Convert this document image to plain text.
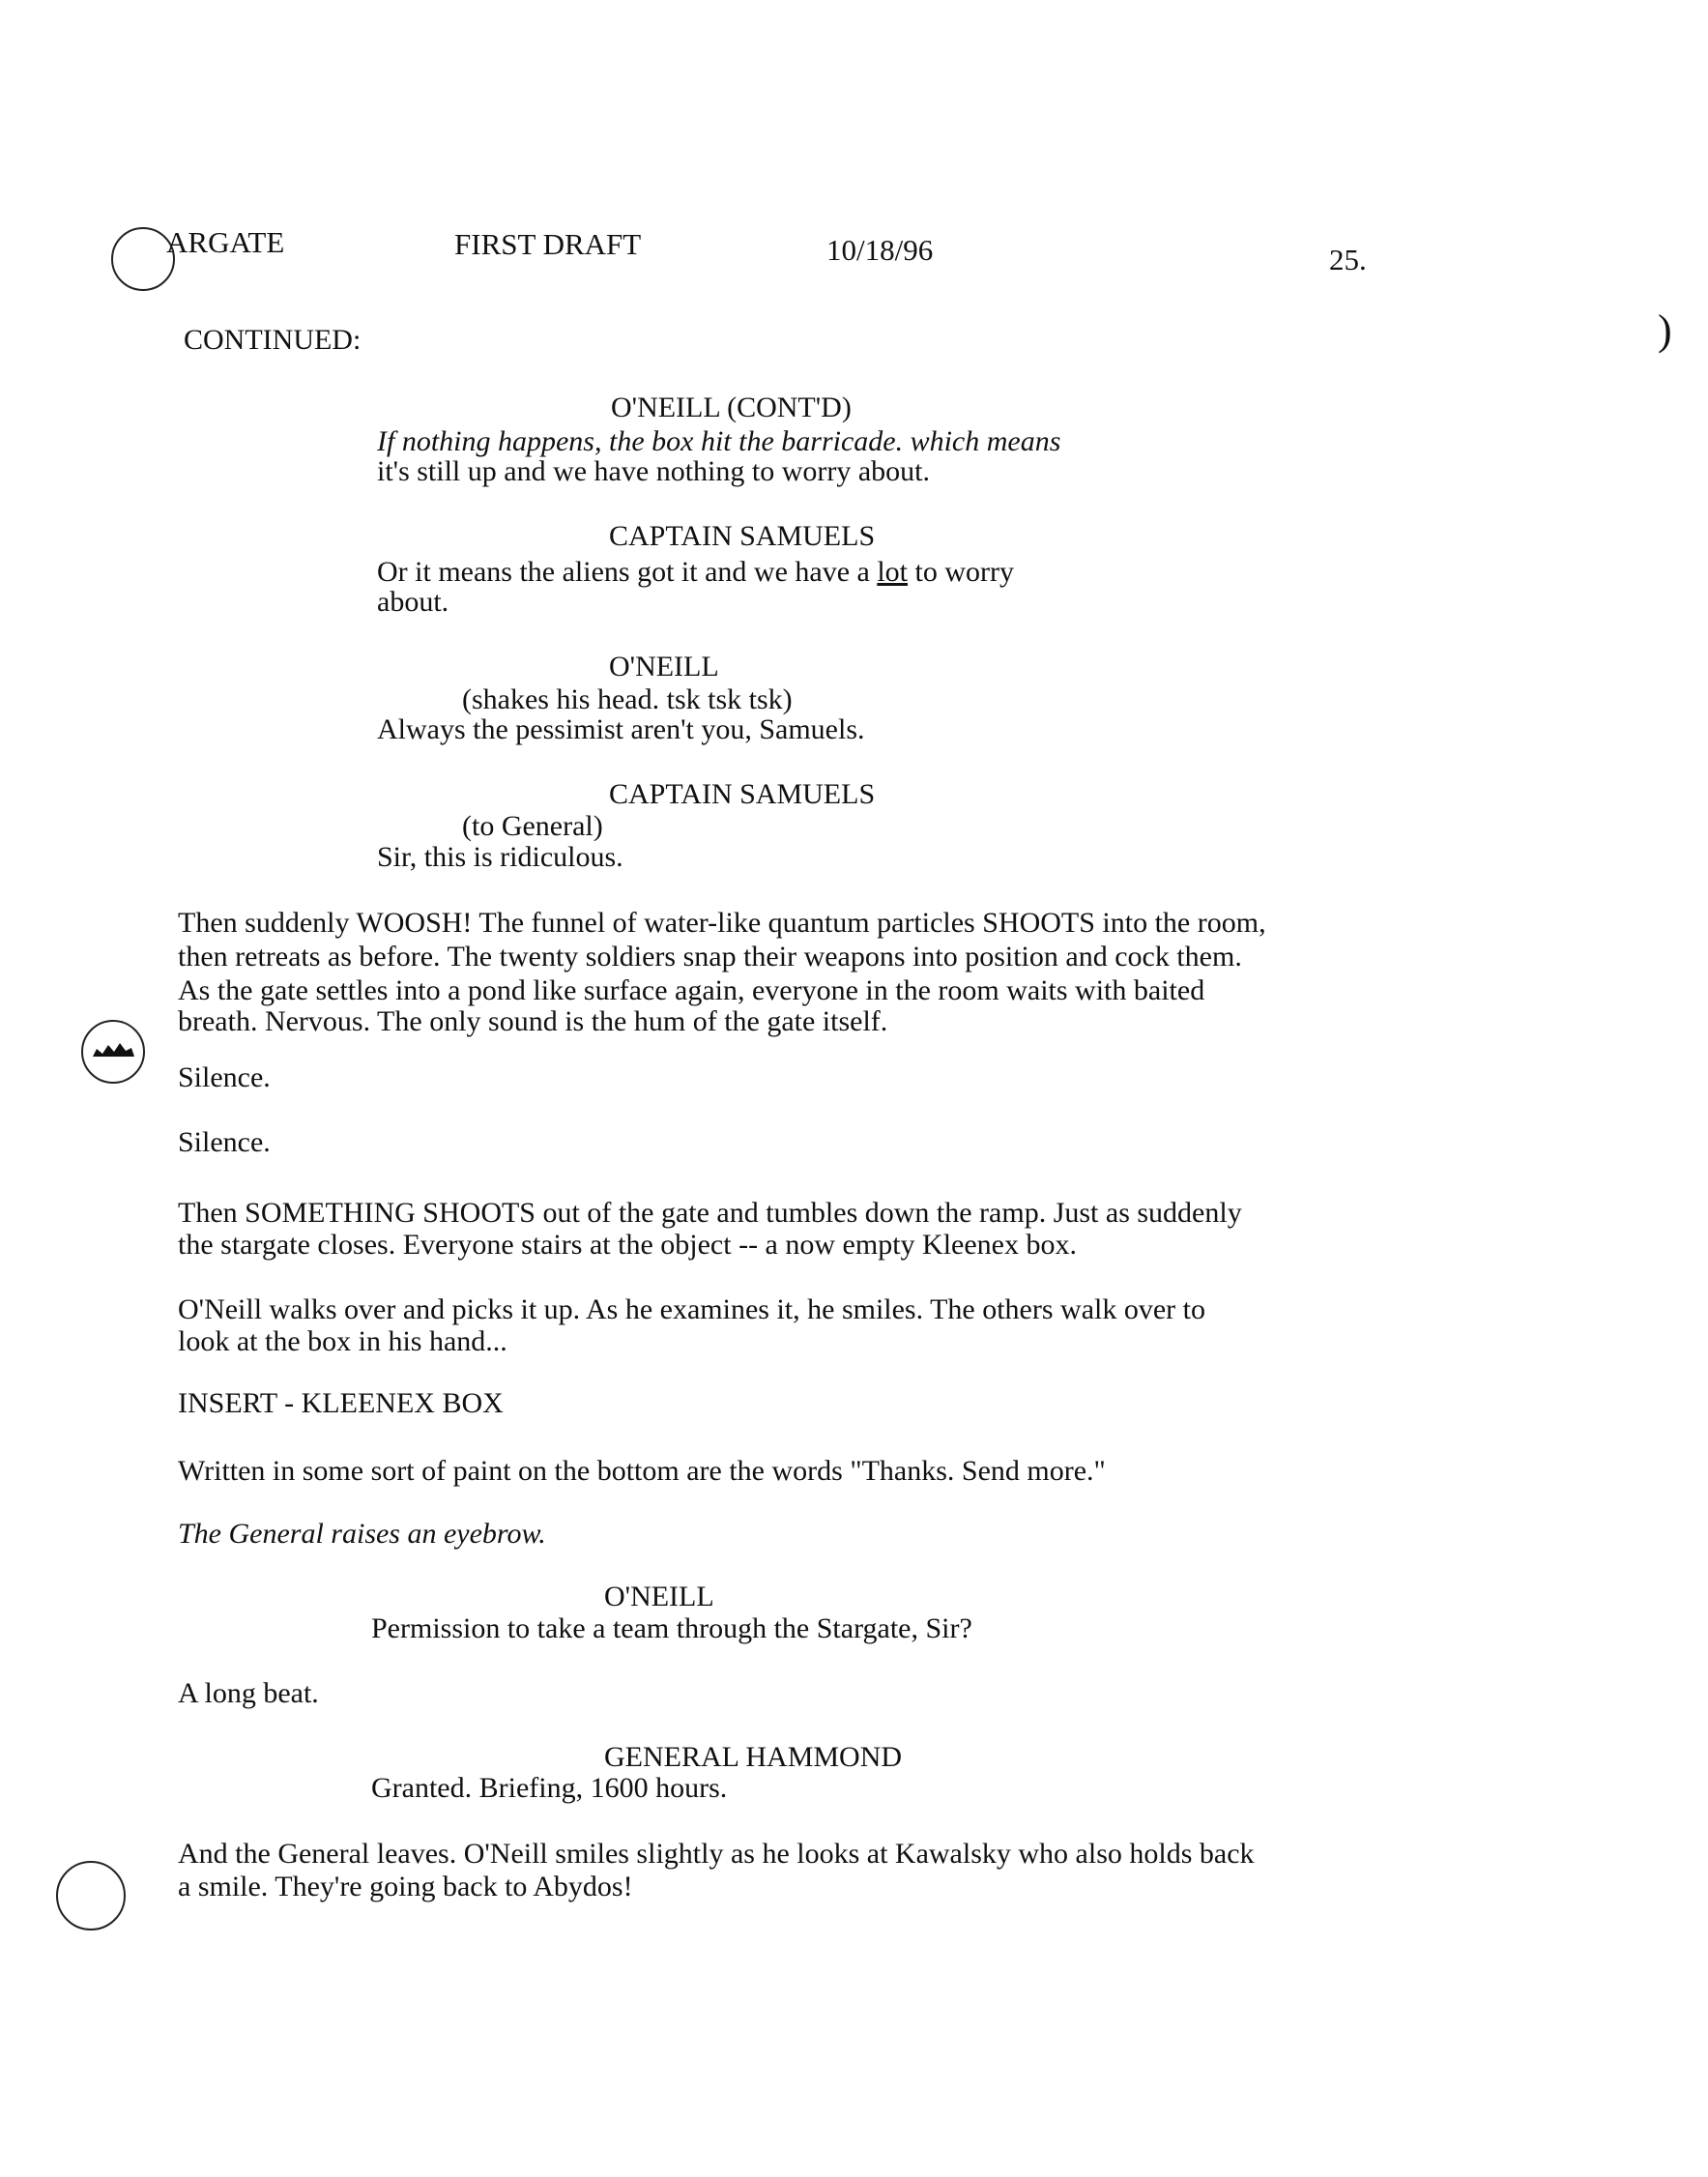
)
ARGATE	FIRST DRAFT	10/18/96	25.
CONTINUED:
O'NEILL (CONT'D)
If nothing happens, the box hit the barricade. which means
it's still up and we have nothing to worry about.
CAPTAIN SAMUELS
Or it means the aliens got it and we have a lot to worry
about.
O'NEILL
(shakes his head. tsk tsk tsk)
Always the pessimist aren't you, Samuels.
CAPTAIN SAMUELS
(to General)
Sir, this is ridiculous.
Then suddenly WOOSH! The funnel of water-like quantum particles SHOOTS into the room,
then retreats as before. The twenty soldiers snap their weapons into position and cock them.
As the gate settles into a pond like surface again, everyone in the room waits with baited
breath. Nervous. The only sound is the hum of the gate itself.
Silence.
Silence.
Then SOMETHING SHOOTS out of the gate and tumbles down the ramp. Just as suddenly
the stargate closes. Everyone stairs at the object -- a now empty Kleenex box.
O'Neill walks over and picks it up. As he examines it, he smiles. The others walk over to
look at the box in his hand...
INSERT - KLEENEX BOX
Written in some sort of paint on the bottom are the words "Thanks. Send more."
The General raises an eyebrow.
O'NEILL
Permission to take a team through the Stargate, Sir?
A long beat.
GENERAL HAMMOND
Granted. Briefing, 1600 hours.
And the General leaves. O'Neill smiles slightly as he looks at Kawalsky who also holds back
a smile. They're going back to Abydos!
